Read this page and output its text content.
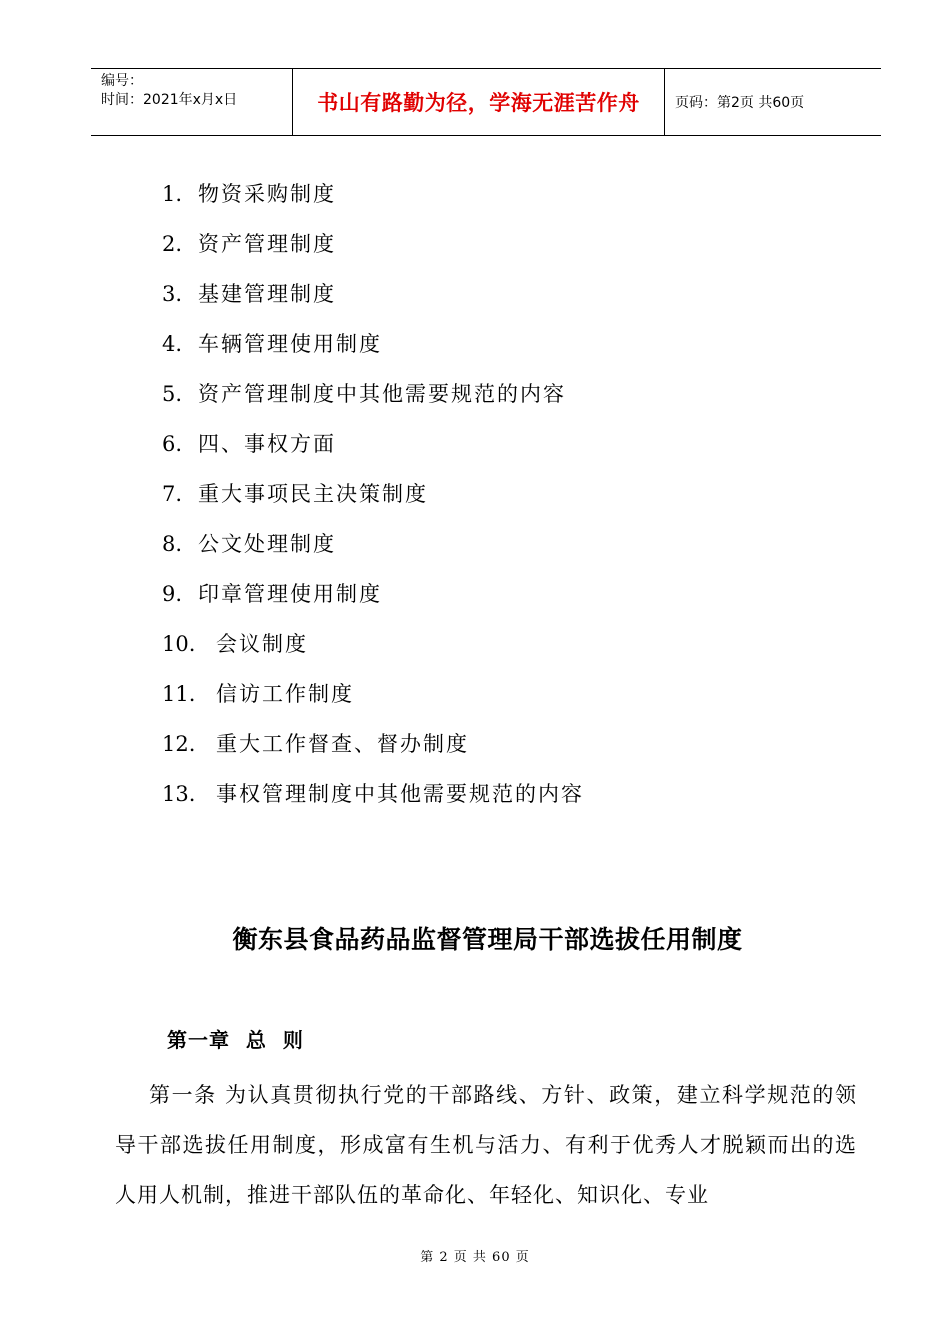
编号：
时间：2021年x月x日	书山有路勤为径，学海无涯苦作舟	页码：第2页 共60页
1. 物资采购制度
2. 资产管理制度
3. 基建管理制度
4. 车辆管理使用制度
5. 资产管理制度中其他需要规范的内容
6. 四、事权方面
7. 重大事项民主决策制度
8. 公文处理制度
9. 印章管理使用制度
10. 会议制度
11. 信访工作制度
12. 重大工作督查、督办制度
13. 事权管理制度中其他需要规范的内容
衡东县食品药品监督管理局干部选拔任用制度
第一章  总  则

第一条 为认真贯彻执行党的干部路线、方针、政策，建立科学规范的领导干部选拔任用制度，形成富有生机与活力、有利于优秀人才脱颖而出的选人用人机制，推进干部队伍的革命化、年轻化、知识化、专业

第 2 页 共 60 页
